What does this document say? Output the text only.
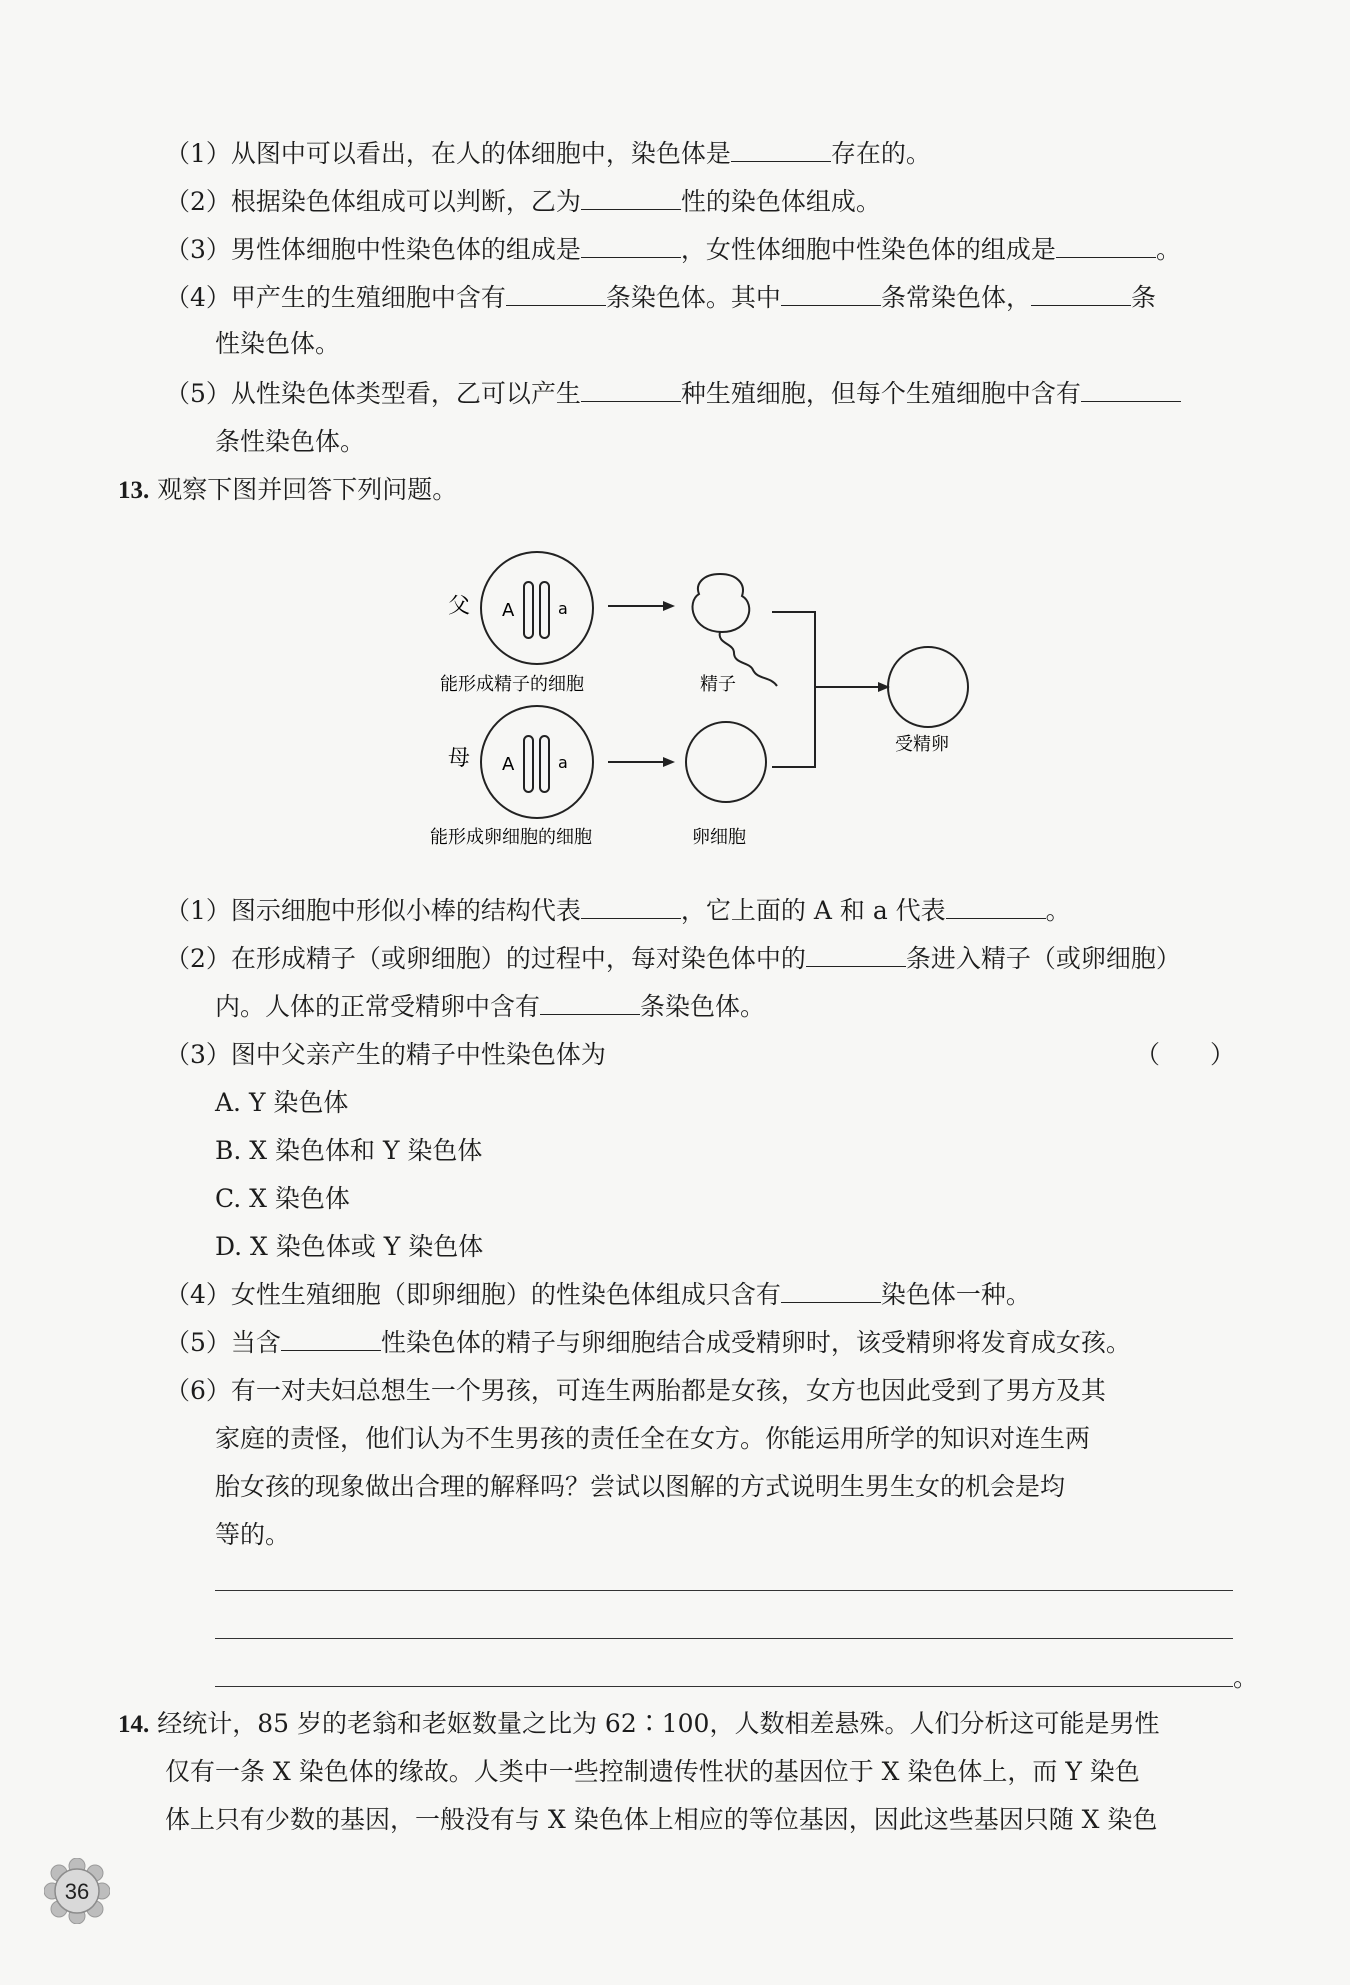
（1）从图中可以看出，在人的体细胞中，染色体是	存在的。
（2）根据染色体组成可以判断，乙为	性的染色体组成。
（3）男性体细胞中性染色体的组成是	，女性体细胞中性染色体的组成是	。
（4）甲产生的生殖细胞中含有	条染色体。其中	条常染色体，	条
性染色体。
（5）从性染色体类型看，乙可以产生	种生殖细胞，但每个生殖细胞中含有
条性染色体。
13. 观察下图并回答下列问题。
父 A	a
能形成精子的细胞	精子
母 A	a
能形成卵细胞的细胞	卵细胞
受精卵
（1）图示细胞中形似小棒的结构代表	，它上面的 A 和 a 代表	。
（2）在形成精子（或卵细胞）的过程中，每对染色体中的	条进入精子（或卵细胞）
内。人体的正常受精卵中含有	条染色体。
（3）图中父亲产生的精子中性染色体为	（　　）
A. Y 染色体
B. X 染色体和 Y 染色体
C. X 染色体
D. X 染色体或 Y 染色体
（4）女性生殖细胞（即卵细胞）的性染色体组成只含有	染色体一种。
（5）当含	性染色体的精子与卵细胞结合成受精卵时，该受精卵将发育成女孩。
（6）有一对夫妇总想生一个男孩，可连生两胎都是女孩，女方也因此受到了男方及其
家庭的责怪，他们认为不生男孩的责任全在女方。你能运用所学的知识对连生两
胎女孩的现象做出合理的解释吗？尝试以图解的方式说明生男生女的机会是均
等的。
。
14. 经统计，85 岁的老翁和老妪数量之比为 62∶100，人数相差悬殊。人们分析这可能是男性
仅有一条 X 染色体的缘故。人类中一些控制遗传性状的基因位于 X 染色体上，而 Y 染色
体上只有少数的基因，一般没有与 X 染色体上相应的等位基因，因此这些基因只随 X 染色
36
